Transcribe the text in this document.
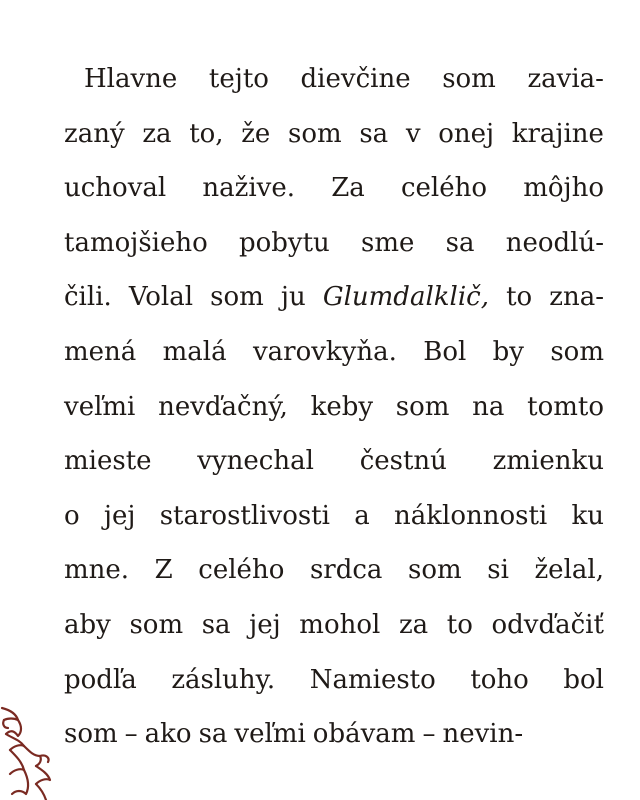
Hlavne tejto dievčine som zavia-
zaný za to, že som sa v onej krajine
uchoval nažive. Za celého môjho
tamojšieho pobytu sme sa neodlú-
čili. Volal som ju Glumdalklič, to zna-
mená malá varovkyňa. Bol by som
veľmi nevďačný, keby som na tomto
mieste vynechal čestnú zmienku
o jej starostlivosti a náklonnosti ku
mne. Z celého srdca som si želal,
aby som sa jej mohol za to odvďačiť
podľa zásluhy. Namiesto toho bol
som – ako sa veľmi obávam – nevin-
